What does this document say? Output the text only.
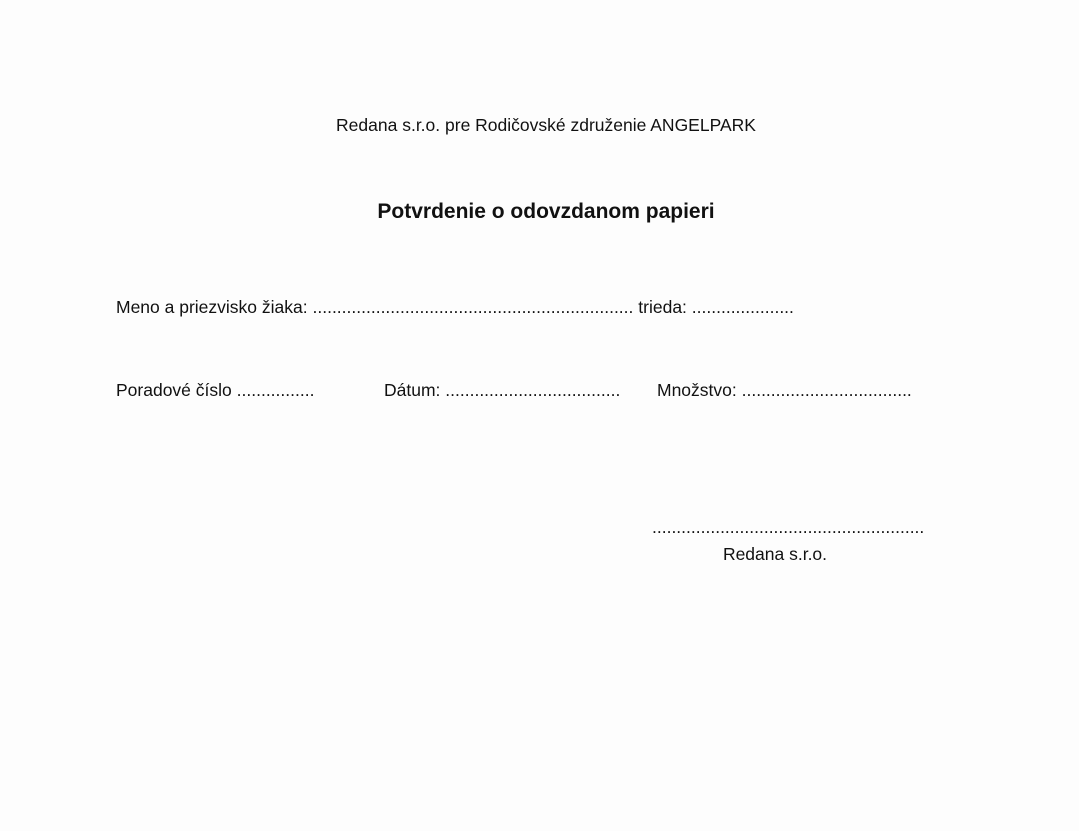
Redana s.r.o. pre Rodičovské združenie ANGELPARK
Potvrdenie o odovzdanom papieri
Meno a priezvisko žiaka: .................................................................. trieda: .....................
Poradové číslo ................	Dátum: .................................... Množstvo: ...................................
........................................................
Redana s.r.o.
